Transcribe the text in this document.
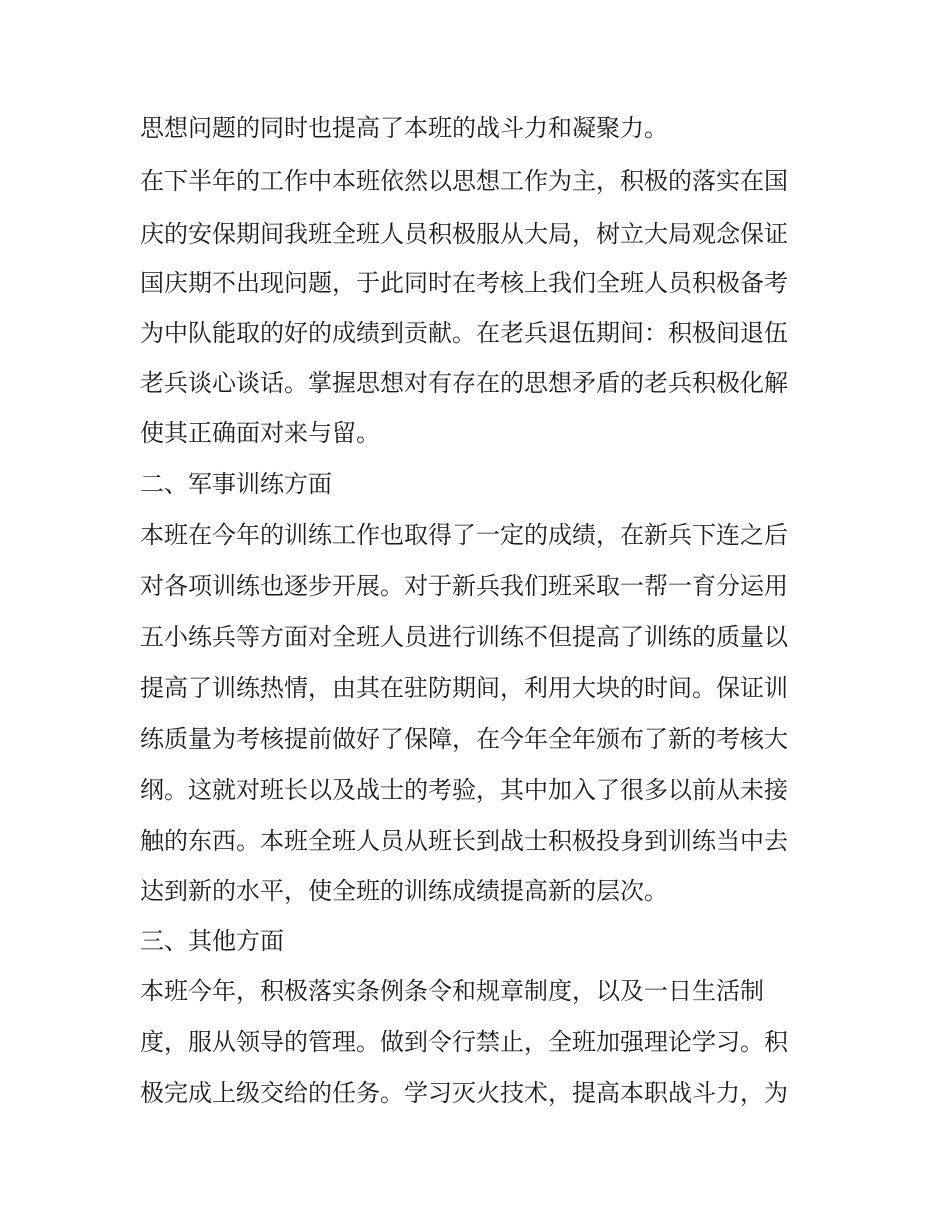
思想问题的同时也提高了本班的战斗力和凝聚力。
在下半年的工作中本班依然以思想工作为主，积极的落实在国
庆的安保期间我班全班人员积极服从大局，树立大局观念保证
国庆期不出现问题，于此同时在考核上我们全班人员积极备考
为中队能取的好的成绩到贡献。在老兵退伍期间：积极间退伍
老兵谈心谈话。掌握思想对有存在的思想矛盾的老兵积极化解
使其正确面对来与留。
二、军事训练方面
本班在今年的训练工作也取得了一定的成绩，在新兵下连之后
对各项训练也逐步开展。对于新兵我们班采取一帮一育分运用
五小练兵等方面对全班人员进行训练不但提高了训练的质量以
提高了训练热情，由其在驻防期间，利用大块的时间。保证训
练质量为考核提前做好了保障，在今年全年颁布了新的考核大
纲。这就对班长以及战士的考验，其中加入了很多以前从未接
触的东西。本班全班人员从班长到战士积极投身到训练当中去
达到新的水平，使全班的训练成绩提高新的层次。
三、其他方面
本班今年，积极落实条例条令和规章制度，以及一日生活制
度，服从领导的管理。做到令行禁止，全班加强理论学习。积
极完成上级交给的任务。学习灭火技术，提高本职战斗力，为
